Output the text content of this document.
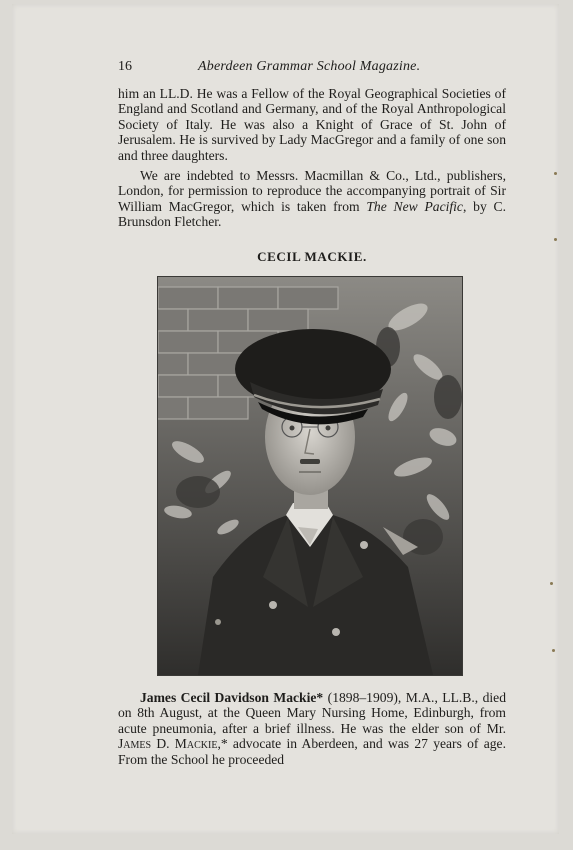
16	Aberdeen Grammar School Magazine.

him an LL.D. He was a Fellow of the Royal Geographical Societies of England and Scotland and Germany, and of the Royal Anthropological Society of Italy. He was also a Knight of Grace of St. John of Jerusalem. He is survived by Lady MacGregor and a family of one son and three daughters.

We are indebted to Messrs. Macmillan & Co., Ltd., publishers, London, for permission to reproduce the accompanying portrait of Sir William MacGregor, which is taken from The New Pacific, by C. Brunsdon Fletcher.

CECIL MACKIE.

James Cecil Davidson Mackie* (1898–1909), M.A., LL.B., died on 8th August, at the Queen Mary Nursing Home, Edinburgh, from acute pneumonia, after a brief illness. He was the elder son of Mr. James D. Mackie,* advocate in Aberdeen, and was 27 years of age. From the School he proceeded
